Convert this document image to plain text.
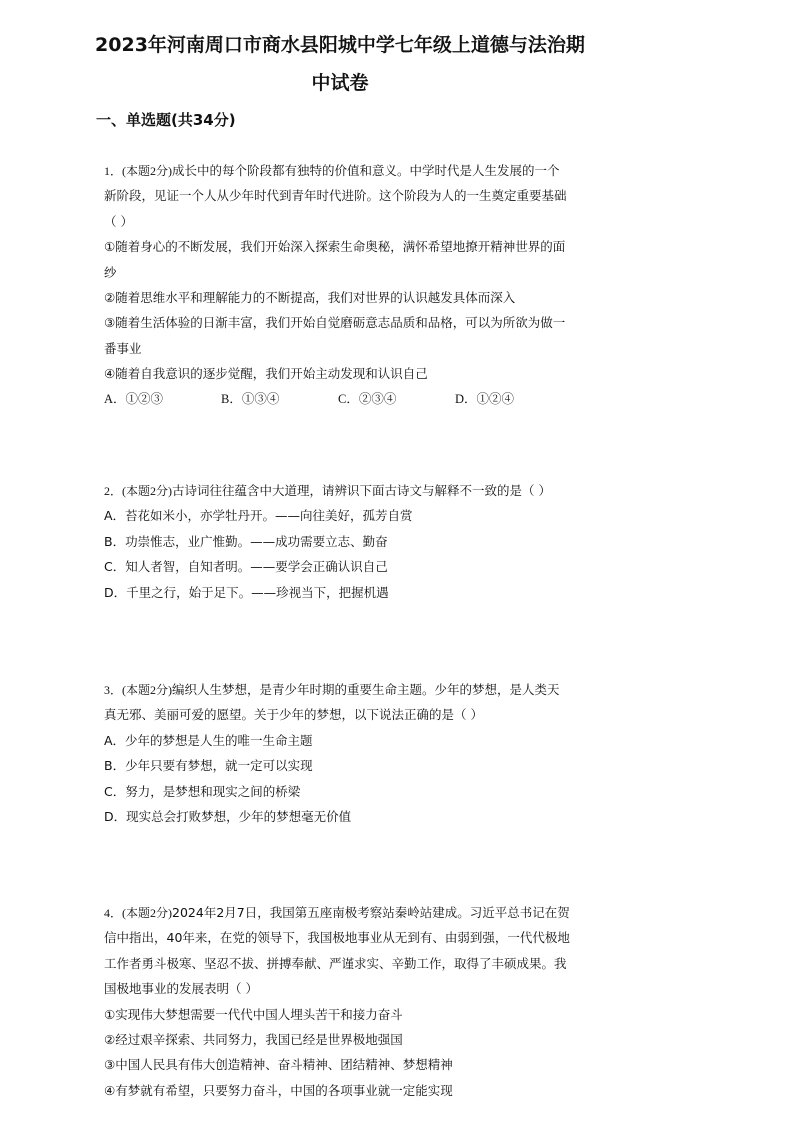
2023年河南周口市商水县阳城中学七年级上道德与法治期
中试卷
一、单选题(共34分)
1．(本题2分)成长中的每个阶段都有独特的价值和意义。中学时代是人生发展的一个
新阶段，见证一个人从少年时代到青年时代进阶。这个阶段为人的一生奠定重要基础
（ ）
①随着身心的不断发展，我们开始深入探索生命奥秘，满怀希望地撩开精神世界的面
纱
②随着思维水平和理解能力的不断提高，我们对世界的认识越发具体而深入
③随着生活体验的日渐丰富，我们开始自觉磨砺意志品质和品格，可以为所欲为做一
番事业
④随着自我意识的逐步觉醒，我们开始主动发现和认识自己
A．①②③	B．①③④	C．②③④	D．①②④
2．(本题2分)古诗词往往蕴含中大道理，请辨识下面古诗文与解释不一致的是（ ）
A．苔花如米小，亦学牡丹开。——向往美好，孤芳自赏
B．功崇惟志，业广惟勤。——成功需要立志、勤奋
C．知人者智，自知者明。——要学会正确认识自己
D．千里之行，始于足下。——珍视当下，把握机遇
3．(本题2分)编织人生梦想，是青少年时期的重要生命主题。少年的梦想，是人类天
真无邪、美丽可爱的愿望。关于少年的梦想，以下说法正确的是（ ）
A．少年的梦想是人生的唯一生命主题
B．少年只要有梦想，就一定可以实现
C．努力，是梦想和现实之间的桥梁
D．现实总会打败梦想，少年的梦想毫无价值
4．(本题2分)2024年2月7日，我国第五座南极考察站秦岭站建成。习近平总书记在贺
信中指出，40年来，在党的领导下，我国极地事业从无到有、由弱到强，一代代极地
工作者勇斗极寒、坚忍不拔、拼搏奉献、严谨求实、辛勤工作，取得了丰硕成果。我
国极地事业的发展表明（ ）
①实现伟大梦想需要一代代中国人埋头苦干和接力奋斗
②经过艰辛探索、共同努力，我国已经是世界极地强国
③中国人民具有伟大创造精神、奋斗精神、团结精神、梦想精神
④有梦就有希望，只要努力奋斗，中国的各项事业就一定能实现
